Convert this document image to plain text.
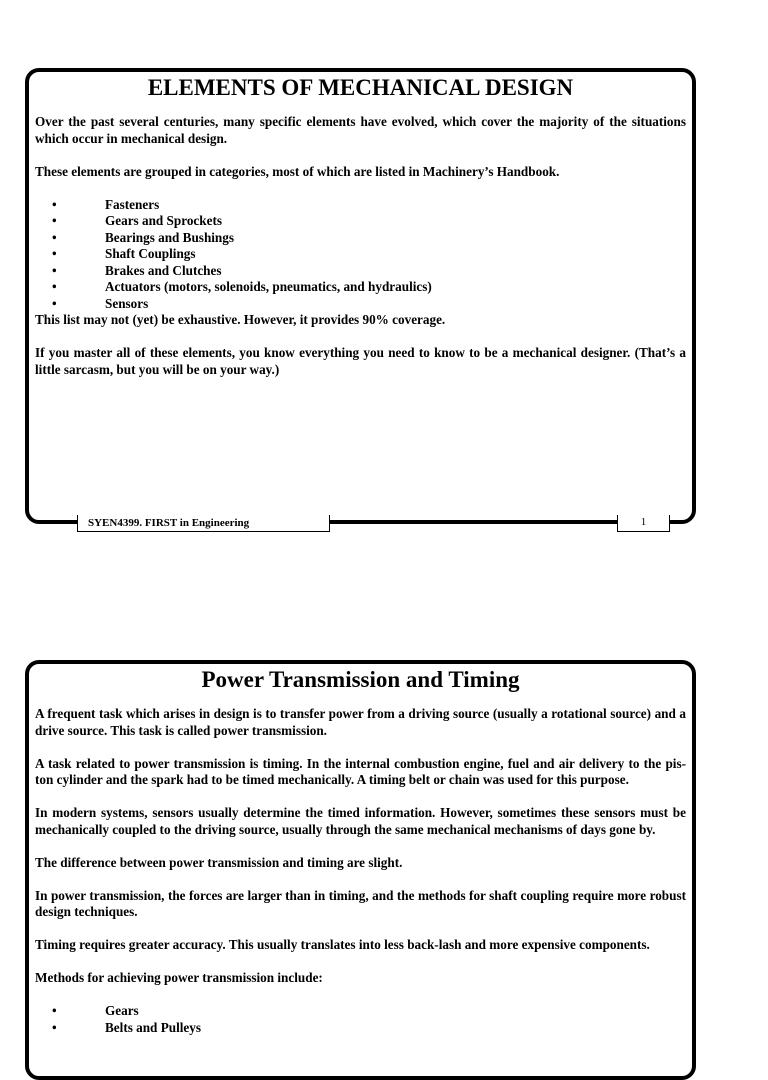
ELEMENTS OF MECHANICAL DESIGN

Over the past several centuries, many specific elements have evolved, which cover the majority of the situations which occur in mechanical design.

These elements are grouped in categories, most of which are listed in Machinery’s Handbook.

•	Fasteners
•	Gears and Sprockets
•	Bearings and Bushings
•	Shaft Couplings
•	Brakes and Clutches
•	Actuators (motors, solenoids, pneumatics, and hydraulics)
•	Sensors

This list may not (yet) be exhaustive. However, it provides 90% coverage.

If you master all of these elements, you know everything you need to know to be a mechanical designer. (That’s a little sarcasm, but you will be on your way.)

SYEN4399. FIRST in Engineering	1
Power Transmission and Timing

A frequent task which arises in design is to transfer power from a driving source (usually a rotational source) and a drive source. This task is called power transmission.

A task related to power transmission is timing. In the internal combustion engine, fuel and air delivery to the pis-ton cylinder and the spark had to be timed mechanically. A timing belt or chain was used for this purpose.

In modern systems, sensors usually determine the timed information. However, sometimes these sensors must be mechanically coupled to the driving source, usually through the same mechanical mechanisms of days gone by.

The difference between power transmission and timing are slight.

In power transmission, the forces are larger than in timing, and the methods for shaft coupling require more robust design techniques.

Timing requires greater accuracy. This usually translates into less back-lash and more expensive components.

Methods for achieving power transmission include:

•	Gears
•	Belts and Pulleys
